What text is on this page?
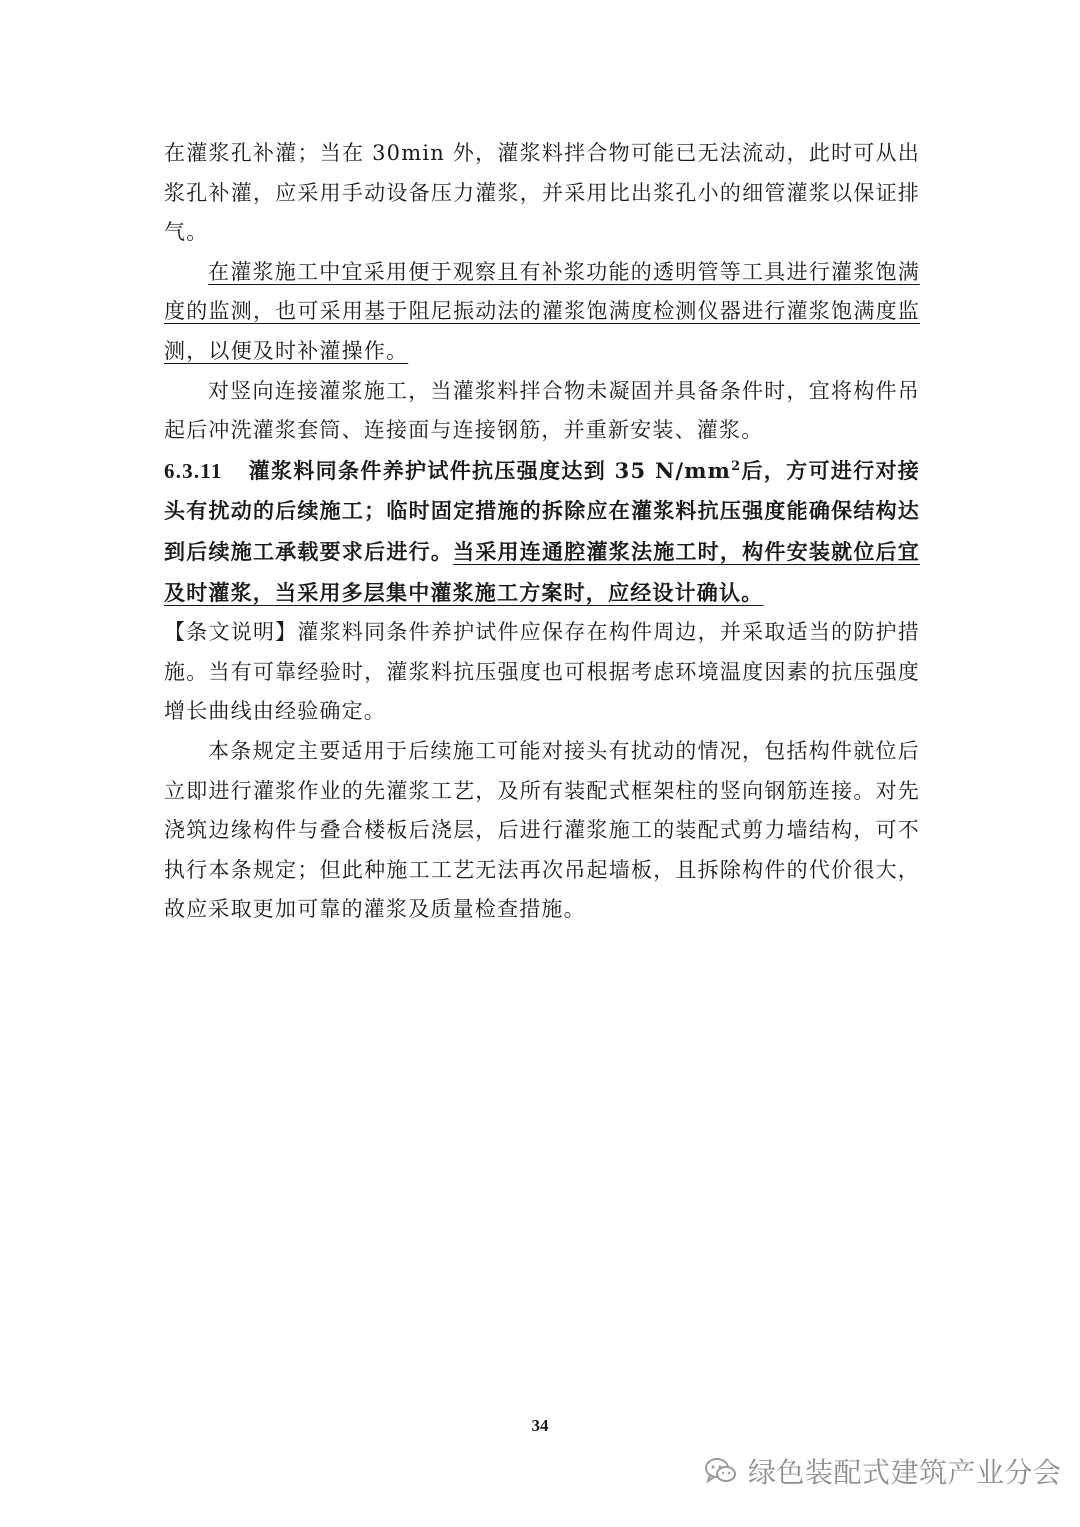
在灌浆孔补灌；当在 30min 外，灌浆料拌合物可能已无法流动，此时可从出浆孔补灌，应采用手动设备压力灌浆，并采用比出浆孔小的细管灌浆以保证排气。

在灌浆施工中宜采用便于观察且有补浆功能的透明管等工具进行灌浆饱满度的监测，也可采用基于阻尼振动法的灌浆饱满度检测仪器进行灌浆饱满度监测，以便及时补灌操作。

对竖向连接灌浆施工，当灌浆料拌合物未凝固并具备条件时，宜将构件吊起后冲洗灌浆套筒、连接面与连接钢筋，并重新安装、灌浆。

6.3.11 灌浆料同条件养护试件抗压强度达到 35 $N/mm^2$后，方可进行对接头有扰动的后续施工；临时固定措施的拆除应在灌浆料抗压强度能确保结构达到后续施工承载要求后进行。当采用连通腔灌浆法施工时，构件安装就位后宜及时灌浆，当采用多层集中灌浆施工方案时，应经设计确认。

【条文说明】灌浆料同条件养护试件应保存在构件周边，并采取适当的防护措施。当有可靠经验时，灌浆料抗压强度也可根据考虑环境温度因素的抗压强度增长曲线由经验确定。

本条规定主要适用于后续施工可能对接头有扰动的情况，包括构件就位后立即进行灌浆作业的先灌浆工艺，及所有装配式框架柱的竖向钢筋连接。对先浇筑边缘构件与叠合楼板后浇层，后进行灌浆施工的装配式剪力墙结构，可不执行本条规定；但此种施工工艺无法再次吊起墙板，且拆除构件的代价很大，故应采取更加可靠的灌浆及质量检查措施。

34
绿色装配式建筑产业分会
